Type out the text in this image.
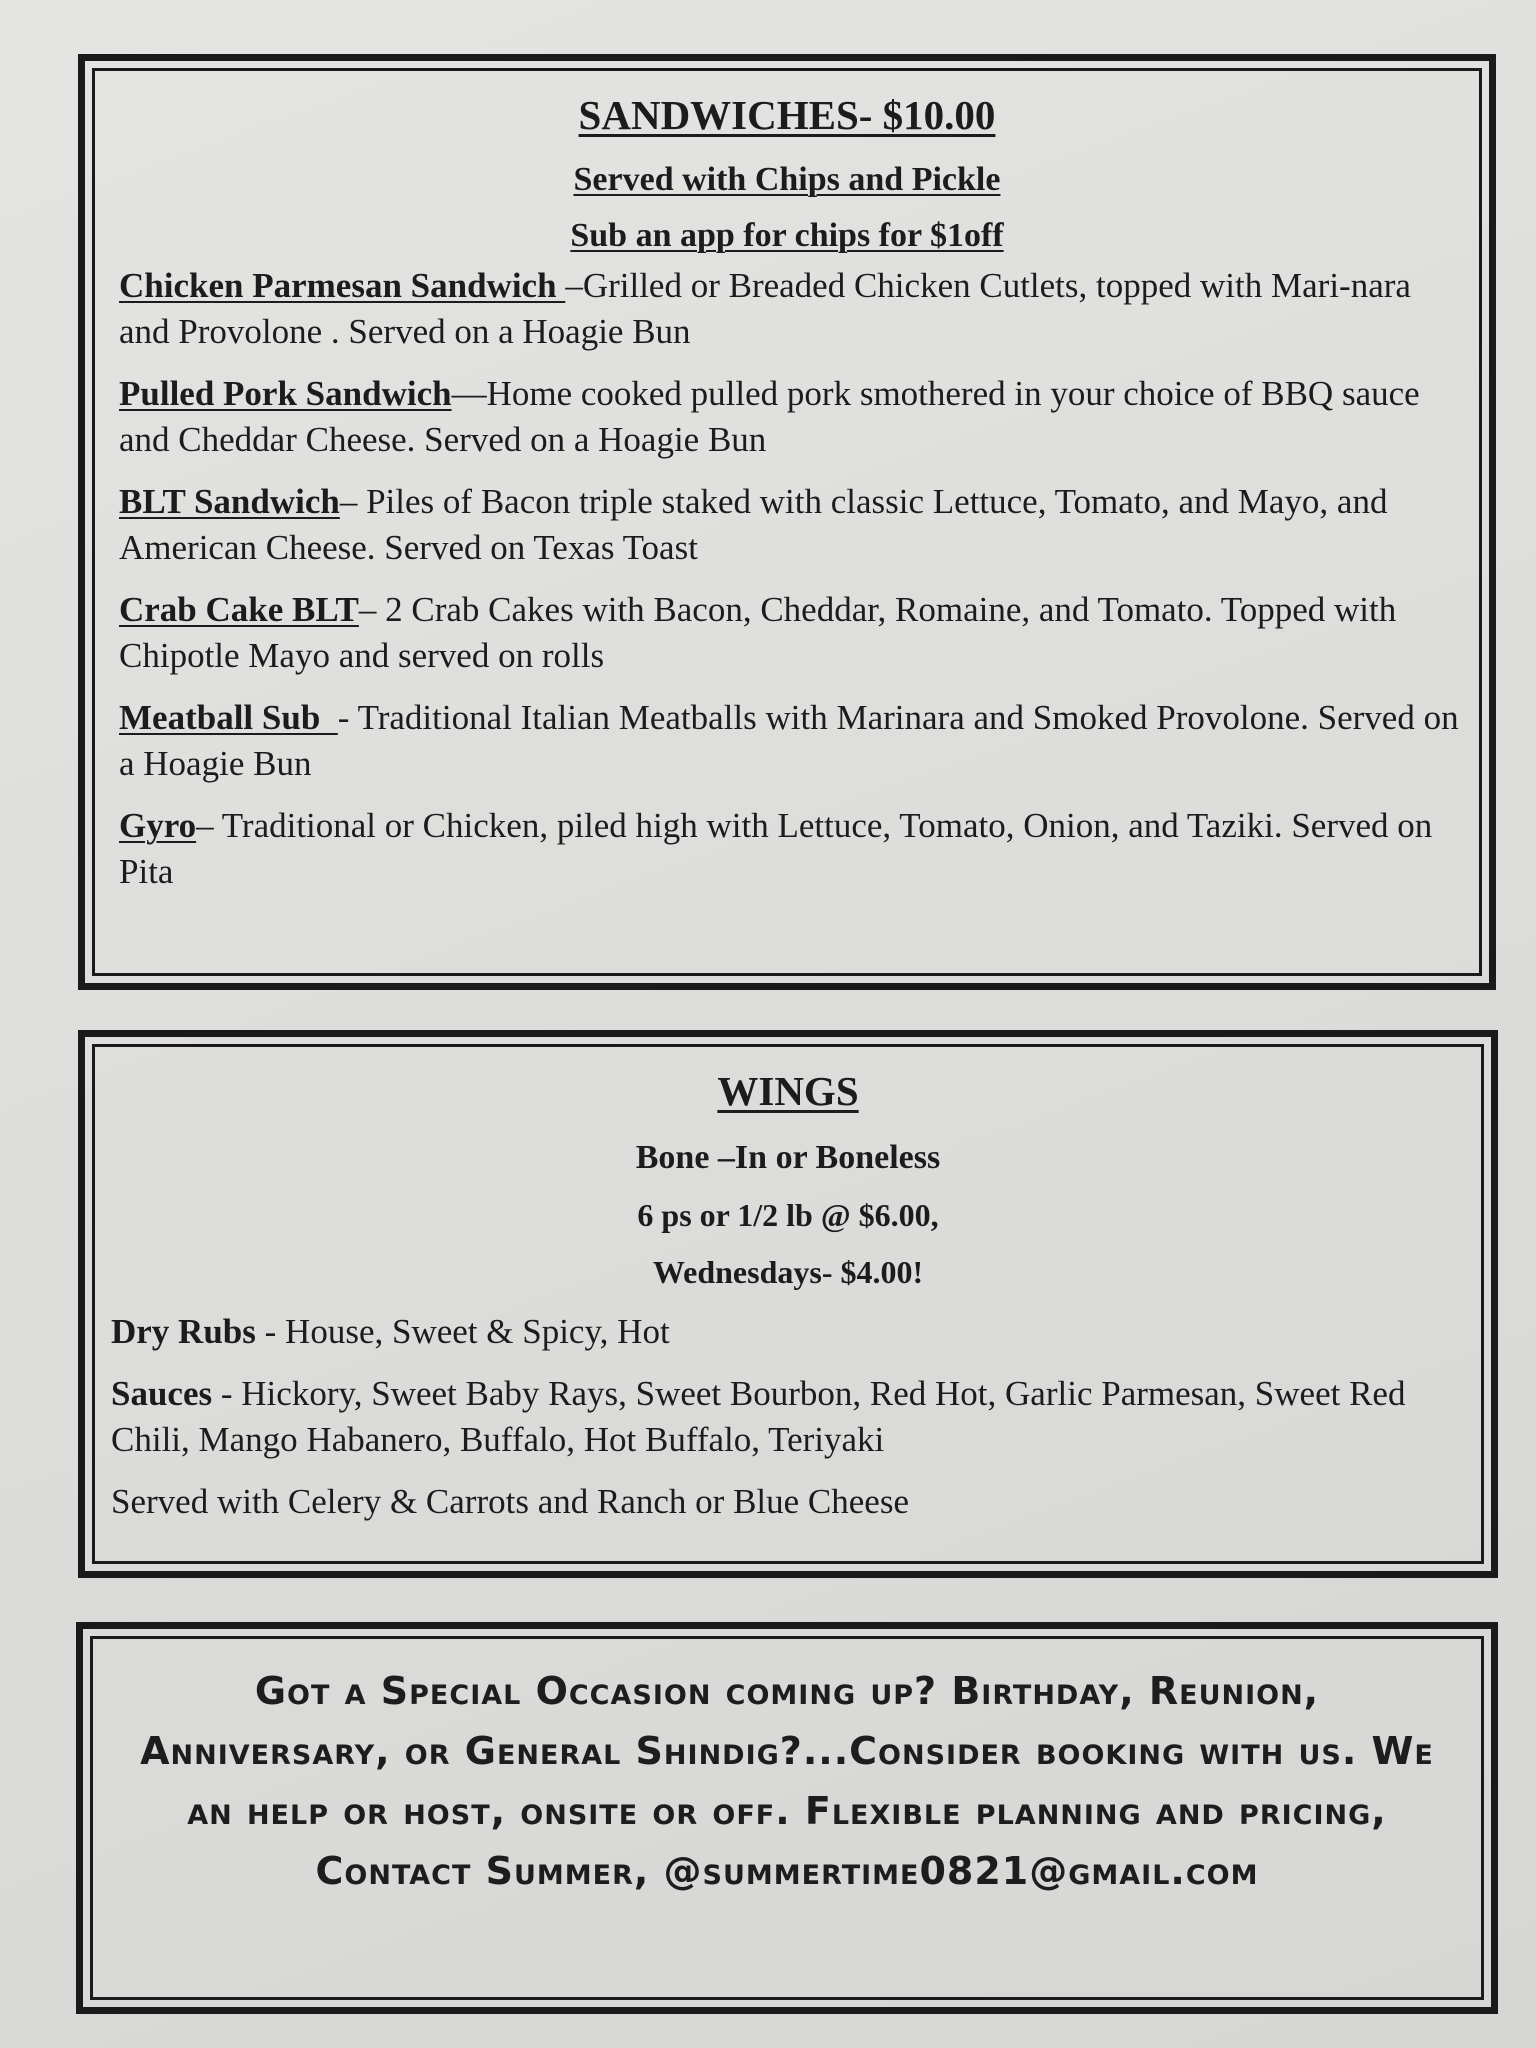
SANDWICHES- $10.00
Served with Chips and Pickle
Sub an app for chips for $1off

Chicken Parmesan Sandwich –Grilled or Breaded Chicken Cutlets, topped with Mari-nara and Provolone . Served on a Hoagie Bun

Pulled Pork Sandwich—Home cooked pulled pork smothered in your choice of BBQ sauce and Cheddar Cheese. Served on a Hoagie Bun

BLT Sandwich– Piles of Bacon triple staked with classic Lettuce, Tomato, and Mayo, and American Cheese. Served on Texas Toast

Crab Cake BLT– 2 Crab Cakes with Bacon, Cheddar, Romaine, and Tomato. Topped with Chipotle Mayo and served on rolls

Meatball Sub  - Traditional Italian Meatballs with Marinara and Smoked Provolone. Served on a Hoagie Bun

Gyro– Traditional or Chicken, piled high with Lettuce, Tomato, Onion, and Taziki. Served on Pita

WINGS
Bone –In or Boneless
6 ps or 1/2 lb @ $6.00,
Wednesdays- $4.00!

Dry Rubs - House, Sweet & Spicy, Hot

Sauces - Hickory, Sweet Baby Rays, Sweet Bourbon, Red Hot, Garlic Parmesan, Sweet Red Chili, Mango Habanero, Buffalo, Hot Buffalo, Teriyaki

Served with Celery & Carrots and Ranch or Blue Cheese

Got a Special Occasion coming up? Birthday, Reunion, Anniversary, or General Shindig?...Consider booking with us. We an help or host, onsite or off. Flexible planning and pricing, Contact Summer, @summertime0821@gmail.com
